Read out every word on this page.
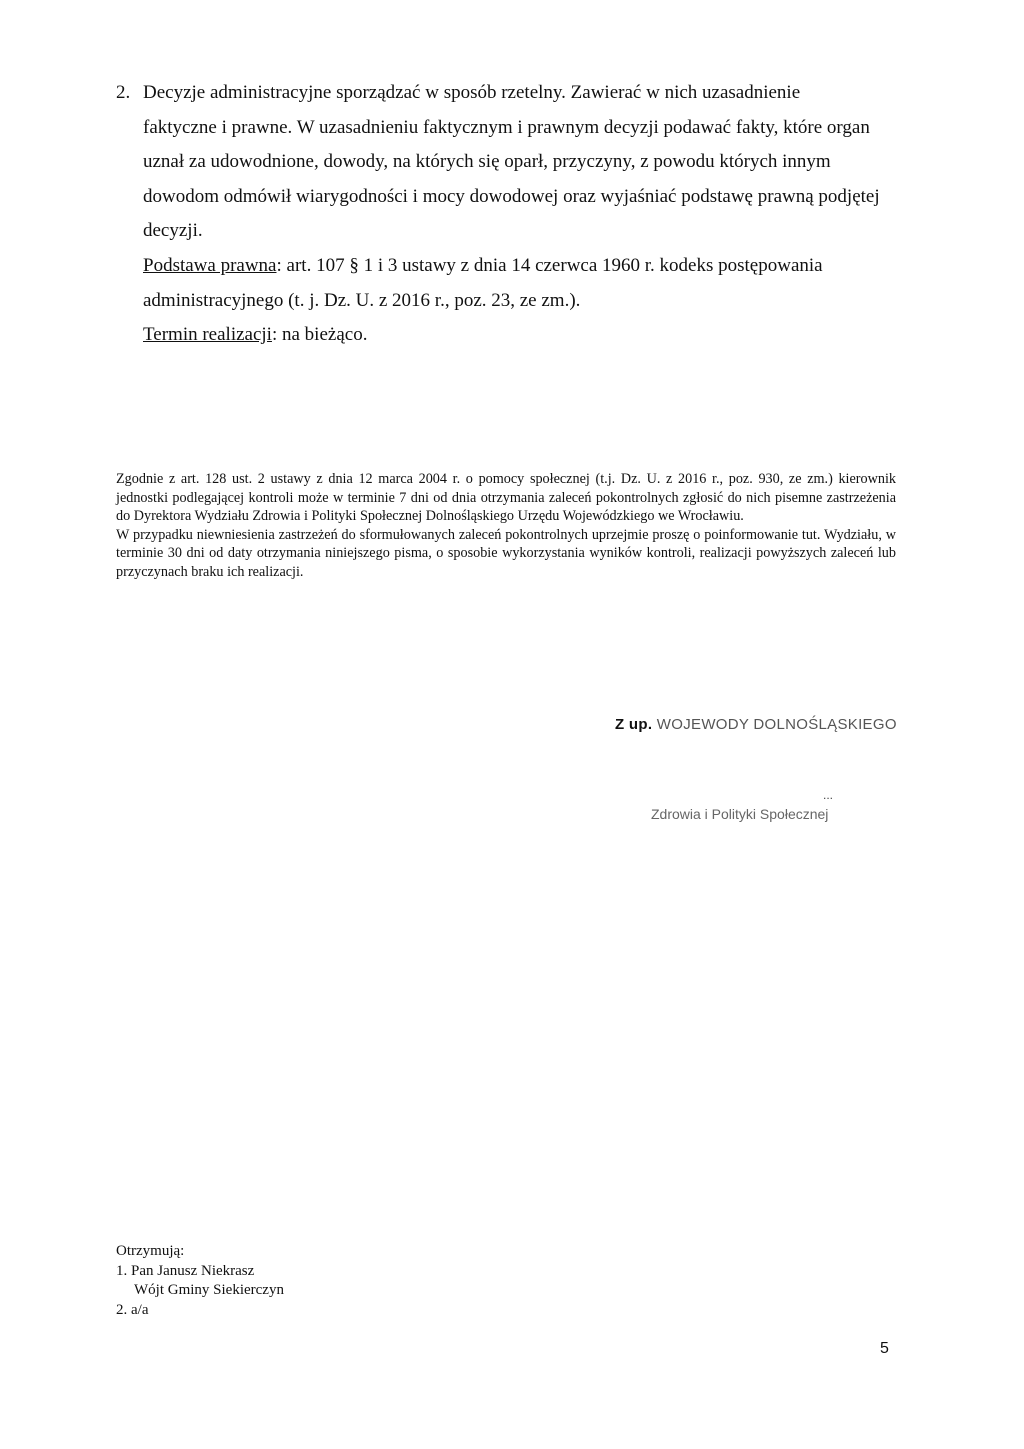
2. Decyzje administracyjne sporządzać w sposób rzetelny. Zawierać w nich uzasadnienie

faktyczne i prawne. W uzasadnieniu faktycznym i prawnym decyzji podawać fakty, które organ uznał za udowodnione, dowody, na których się oparł, przyczyny, z powodu których innym dowodom odmówił wiarygodności i mocy dowodowej oraz wyjaśniać podstawę prawną podjętej decyzji.

Podstawa prawna: art. 107 § 1 i 3 ustawy z dnia 14 czerwca 1960 r. kodeks postępowania administracyjnego (t. j. Dz. U. z 2016 r., poz. 23, ze zm.).

Termin realizacji: na bieżąco.

Zgodnie z art. 128 ust. 2 ustawy z dnia 12 marca 2004 r. o pomocy społecznej (t.j. Dz. U. z 2016 r., poz. 930, ze zm.) kierownik jednostki podlegającej kontroli może w terminie 7 dni od dnia otrzymania zaleceń pokontrolnych zgłosić do nich pisemne zastrzeżenia do Dyrektora Wydziału Zdrowia i Polityki Społecznej Dolnośląskiego Urzędu Wojewódzkiego we Wrocławiu.

W przypadku niewniesienia zastrzeżeń do sformułowanych zaleceń pokontrolnych uprzejmie proszę o poinformowanie tut. Wydziału, w terminie 30 dni od daty otrzymania niniejszego pisma, o sposobie wykorzystania wyników kontroli, realizacji powyższych zaleceń lub przyczynach braku ich realizacji.

Z up. WOJEWODY DOLNOŚLĄSKIEGO
...
Zdrowia i Polityki Społecznej

Otrzymują:

1. Pan Janusz Niekrasz

Wójt Gminy Siekierczyn

2. a/a

5
